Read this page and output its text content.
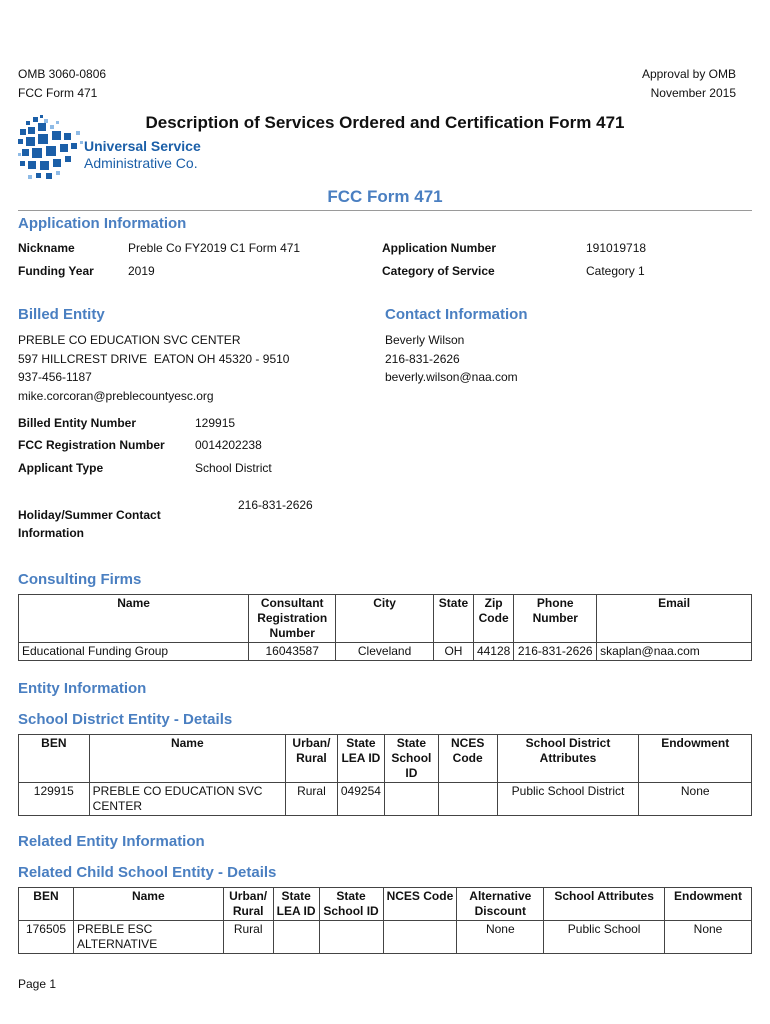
OMB 3060-0806
FCC Form 471
Approval by OMB
November 2015
Universal Service
Administrative Co.
Description of Services Ordered and Certification Form 471
FCC Form 471
Application Information
Nickname	Preble Co FY2019 C1 Form 471
Funding Year	2019
Application Number	191019718
Category of Service	Category 1
Billed Entity
PREBLE CO EDUCATION SVC CENTER
597 HILLCREST DRIVE  EATON OH 45320 - 9510
937-456-1187
mike.corcoran@preblecountyesc.org
Contact Information
Beverly Wilson
216-831-2626
beverly.wilson@naa.com
Billed Entity Number	129915
FCC Registration Number	0014202238
Applicant Type	School District
Holiday/Summer Contact
Information
216-831-2626
Consulting Firms
Name	Consultant Registration Number	City	State	Zip Code	Phone Number	Email
Educational Funding Group	16043587	Cleveland	OH	44128	216-831-2626	skaplan@naa.com
Entity Information
School District Entity - Details
BEN	Name	Urban/ Rural	State LEA ID	State School ID	NCES Code	School District Attributes	Endowment
129915	PREBLE CO EDUCATION SVC CENTER	Rural	049254			Public School District	None
Related Entity Information
Related Child School Entity - Details
BEN	Name	Urban/ Rural	State LEA ID	State School ID	NCES Code	Alternative Discount	School Attributes	Endowment
176505	PREBLE ESC ALTERNATIVE	Rural				None	Public School	None
Page 1
